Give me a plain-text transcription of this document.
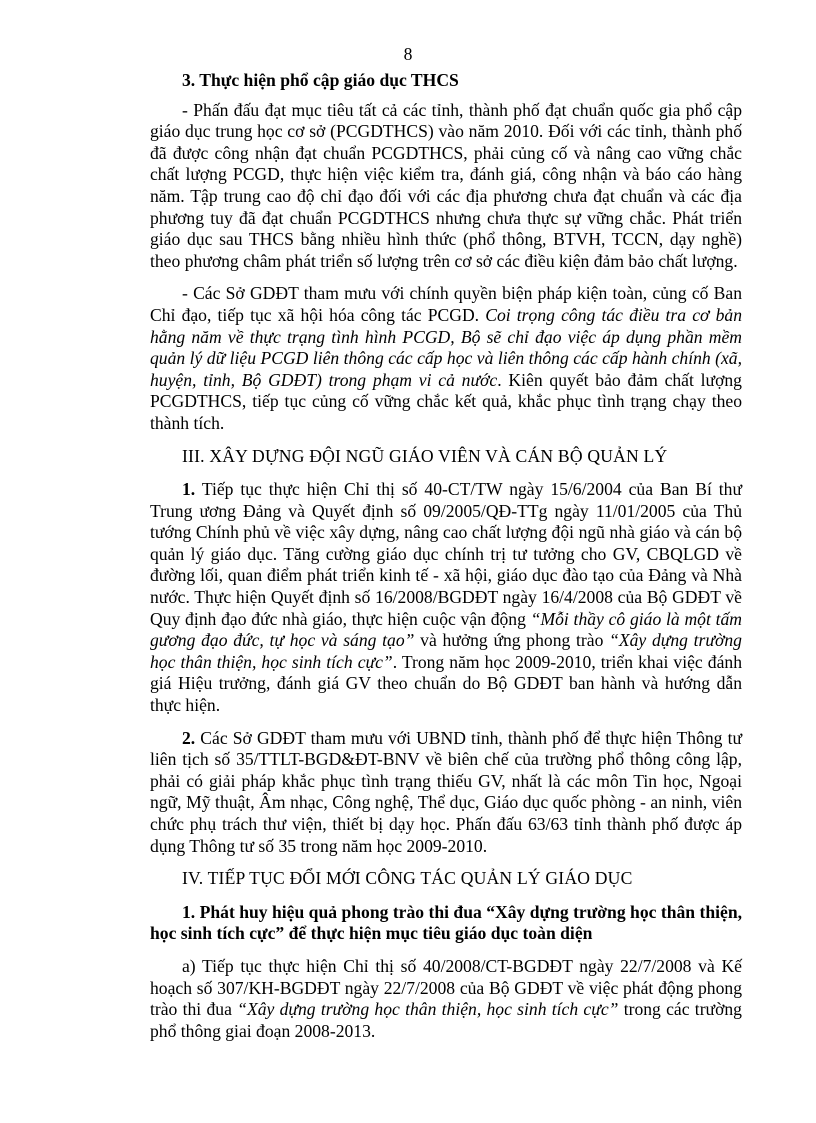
8

3. Thực hiện phổ cập giáo dục THCS

- Phấn đấu đạt mục tiêu tất cả các tỉnh, thành phố đạt chuẩn quốc gia phổ cập giáo dục trung học cơ sở (PCGDTHCS) vào năm 2010. Đối với các tỉnh, thành phố đã được công nhận đạt chuẩn PCGDTHCS, phải củng cố và nâng cao vững chắc chất lượng PCGD, thực hiện việc kiểm tra, đánh giá, công nhận và báo cáo hàng năm. Tập trung cao độ chỉ đạo đối với các địa phương chưa đạt chuẩn và các địa phương tuy đã đạt chuẩn PCGDTHCS nhưng chưa thực sự vững chắc. Phát triển giáo dục sau THCS bằng nhiều hình thức (phổ thông, BTVH, TCCN, dạy nghề) theo phương châm phát triển số lượng trên cơ sở các điều kiện đảm bảo chất lượng.

- Các Sở GDĐT tham mưu với chính quyền biện pháp kiện toàn, củng cố Ban Chỉ đạo, tiếp tục xã hội hóa công tác PCGD. Coi trọng công tác điều tra cơ bản hằng năm về thực trạng tình hình PCGD, Bộ sẽ chỉ đạo việc áp dụng phần mềm quản lý dữ liệu PCGD liên thông các cấp học và liên thông các cấp hành chính (xã, huyện, tỉnh, Bộ GDĐT) trong phạm vi cả nước. Kiên quyết bảo đảm chất lượng PCGDTHCS, tiếp tục củng cố vững chắc kết quả, khắc phục tình trạng chạy theo thành tích.

III. XÂY DỰNG ĐỘI NGŨ GIÁO VIÊN VÀ CÁN BỘ QUẢN LÝ

1. Tiếp tục thực hiện Chỉ thị số 40-CT/TW ngày 15/6/2004 của Ban Bí thư Trung ương Đảng và Quyết định số 09/2005/QĐ-TTg ngày 11/01/2005 của Thủ tướng Chính phủ về việc xây dựng, nâng cao chất lượng đội ngũ nhà giáo và cán bộ quản lý giáo dục. Tăng cường giáo dục chính trị tư tưởng cho GV, CBQLGD về đường lối, quan điểm phát triển kinh tế - xã hội, giáo dục đào tạo của Đảng và Nhà nước. Thực hiện Quyết định số 16/2008/BGDĐT ngày 16/4/2008 của Bộ GDĐT về Quy định đạo đức nhà giáo, thực hiện cuộc vận động “Mỗi thầy cô giáo là một tấm gương đạo đức, tự học và sáng tạo” và hưởng ứng phong trào “Xây dựng trường học thân thiện, học sinh tích cực”. Trong năm học 2009-2010, triển khai việc đánh giá Hiệu trưởng, đánh giá GV theo chuẩn do Bộ GDĐT ban hành và hướng dẫn thực hiện.

2. Các Sở GDĐT tham mưu với UBND tỉnh, thành phố để thực hiện Thông tư liên tịch số 35/TTLT-BGD&ĐT-BNV về biên chế của trường phổ thông công lập, phải có giải pháp khắc phục tình trạng thiếu GV, nhất là các môn Tin học, Ngoại ngữ, Mỹ thuật, Âm nhạc, Công nghệ, Thể dục, Giáo dục quốc phòng - an ninh, viên chức phụ trách thư viện, thiết bị dạy học. Phấn đấu 63/63 tỉnh thành phố được áp dụng Thông tư số 35 trong năm học 2009-2010.

IV. TIẾP TỤC ĐỔI MỚI CÔNG TÁC QUẢN LÝ GIÁO DỤC

1. Phát huy hiệu quả phong trào thi đua “Xây dựng trường học thân thiện, học sinh tích cực” để thực hiện mục tiêu giáo dục toàn diện

a) Tiếp tục thực hiện Chỉ thị số 40/2008/CT-BGDĐT ngày 22/7/2008 và Kế hoạch số 307/KH-BGDĐT ngày 22/7/2008 của Bộ GDĐT về việc phát động phong trào thi đua “Xây dựng trường học thân thiện, học sinh tích cực” trong các trường phổ thông giai đoạn 2008-2013.
